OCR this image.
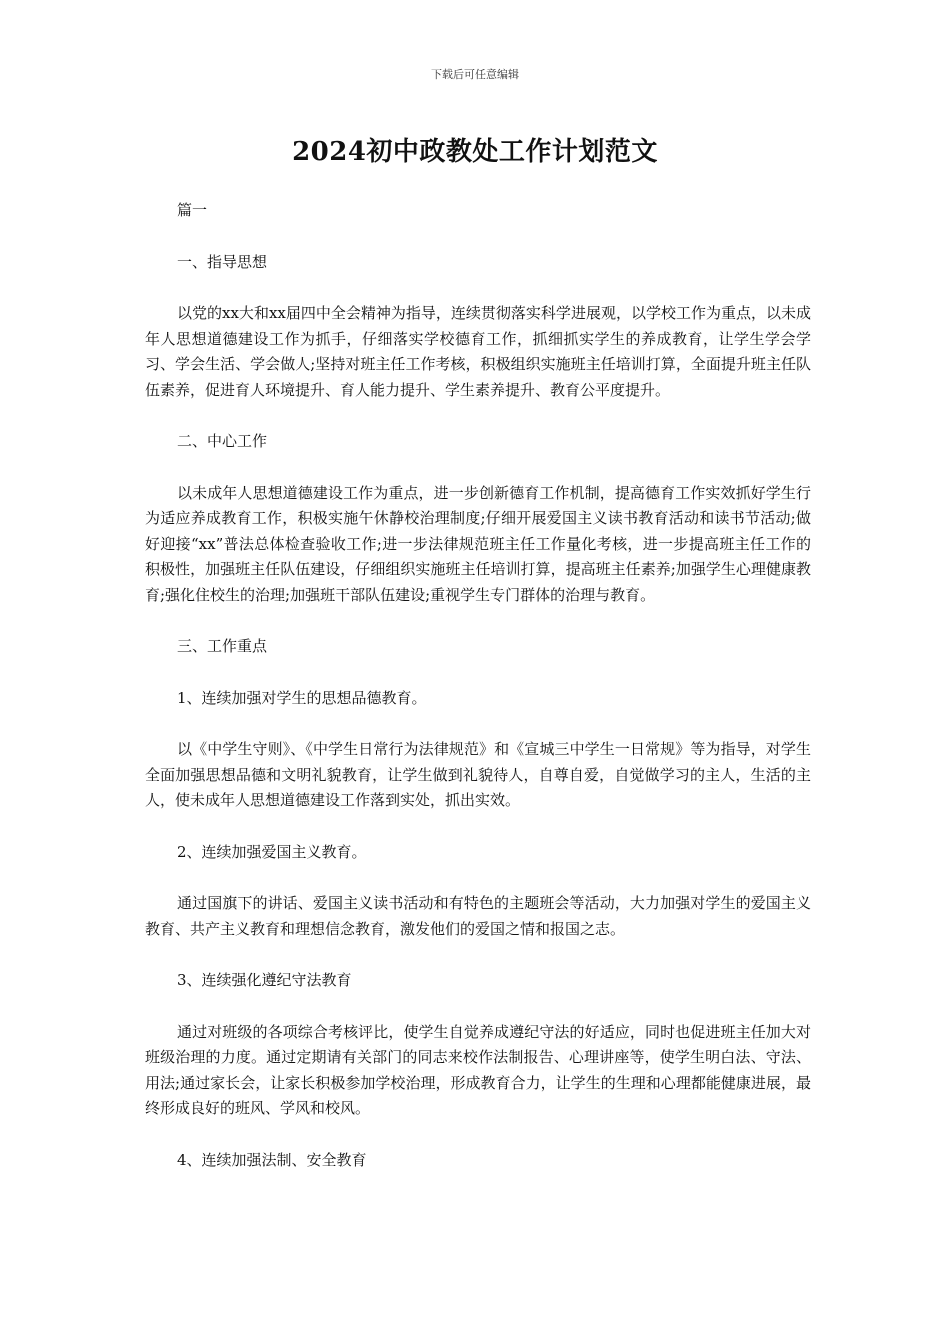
下载后可任意编辑
2024初中政教处工作计划范文

篇一

一、指导思想

以党的xx大和xx届四中全会精神为指导，连续贯彻落实科学进展观，以学校工作为重点，以未成年人思想道德建设工作为抓手，仔细落实学校德育工作，抓细抓实学生的养成教育，让学生学会学习、学会生活、学会做人;坚持对班主任工作考核，积极组织实施班主任培训打算，全面提升班主任队伍素养，促进育人环境提升、育人能力提升、学生素养提升、教育公平度提升。

二、中心工作

以未成年人思想道德建设工作为重点，进一步创新德育工作机制，提高德育工作实效抓好学生行为适应养成教育工作，积极实施午休静校治理制度;仔细开展爱国主义读书教育活动和读书节活动;做好迎接“xx”普法总体检查验收工作;进一步法律规范班主任工作量化考核，进一步提高班主任工作的积极性，加强班主任队伍建设，仔细组织实施班主任培训打算，提高班主任素养;加强学生心理健康教育;强化住校生的治理;加强班干部队伍建设;重视学生专门群体的治理与教育。

三、工作重点

1、连续加强对学生的思想品德教育。

以《中学生守则》、《中学生日常行为法律规范》和《宣城三中学生一日常规》等为指导，对学生全面加强思想品德和文明礼貌教育，让学生做到礼貌待人，自尊自爱，自觉做学习的主人，生活的主人，使未成年人思想道德建设工作落到实处，抓出实效。

2、连续加强爱国主义教育。

通过国旗下的讲话、爱国主义读书活动和有特色的主题班会等活动，大力加强对学生的爱国主义教育、共产主义教育和理想信念教育，激发他们的爱国之情和报国之志。

3、连续强化遵纪守法教育

通过对班级的各项综合考核评比，使学生自觉养成遵纪守法的好适应，同时也促进班主任加大对班级治理的力度。通过定期请有关部门的同志来校作法制报告、心理讲座等，使学生明白法、守法、用法;通过家长会，让家长积极参加学校治理，形成教育合力，让学生的生理和心理都能健康进展，最终形成良好的班风、学风和校风。

4、连续加强法制、安全教育
